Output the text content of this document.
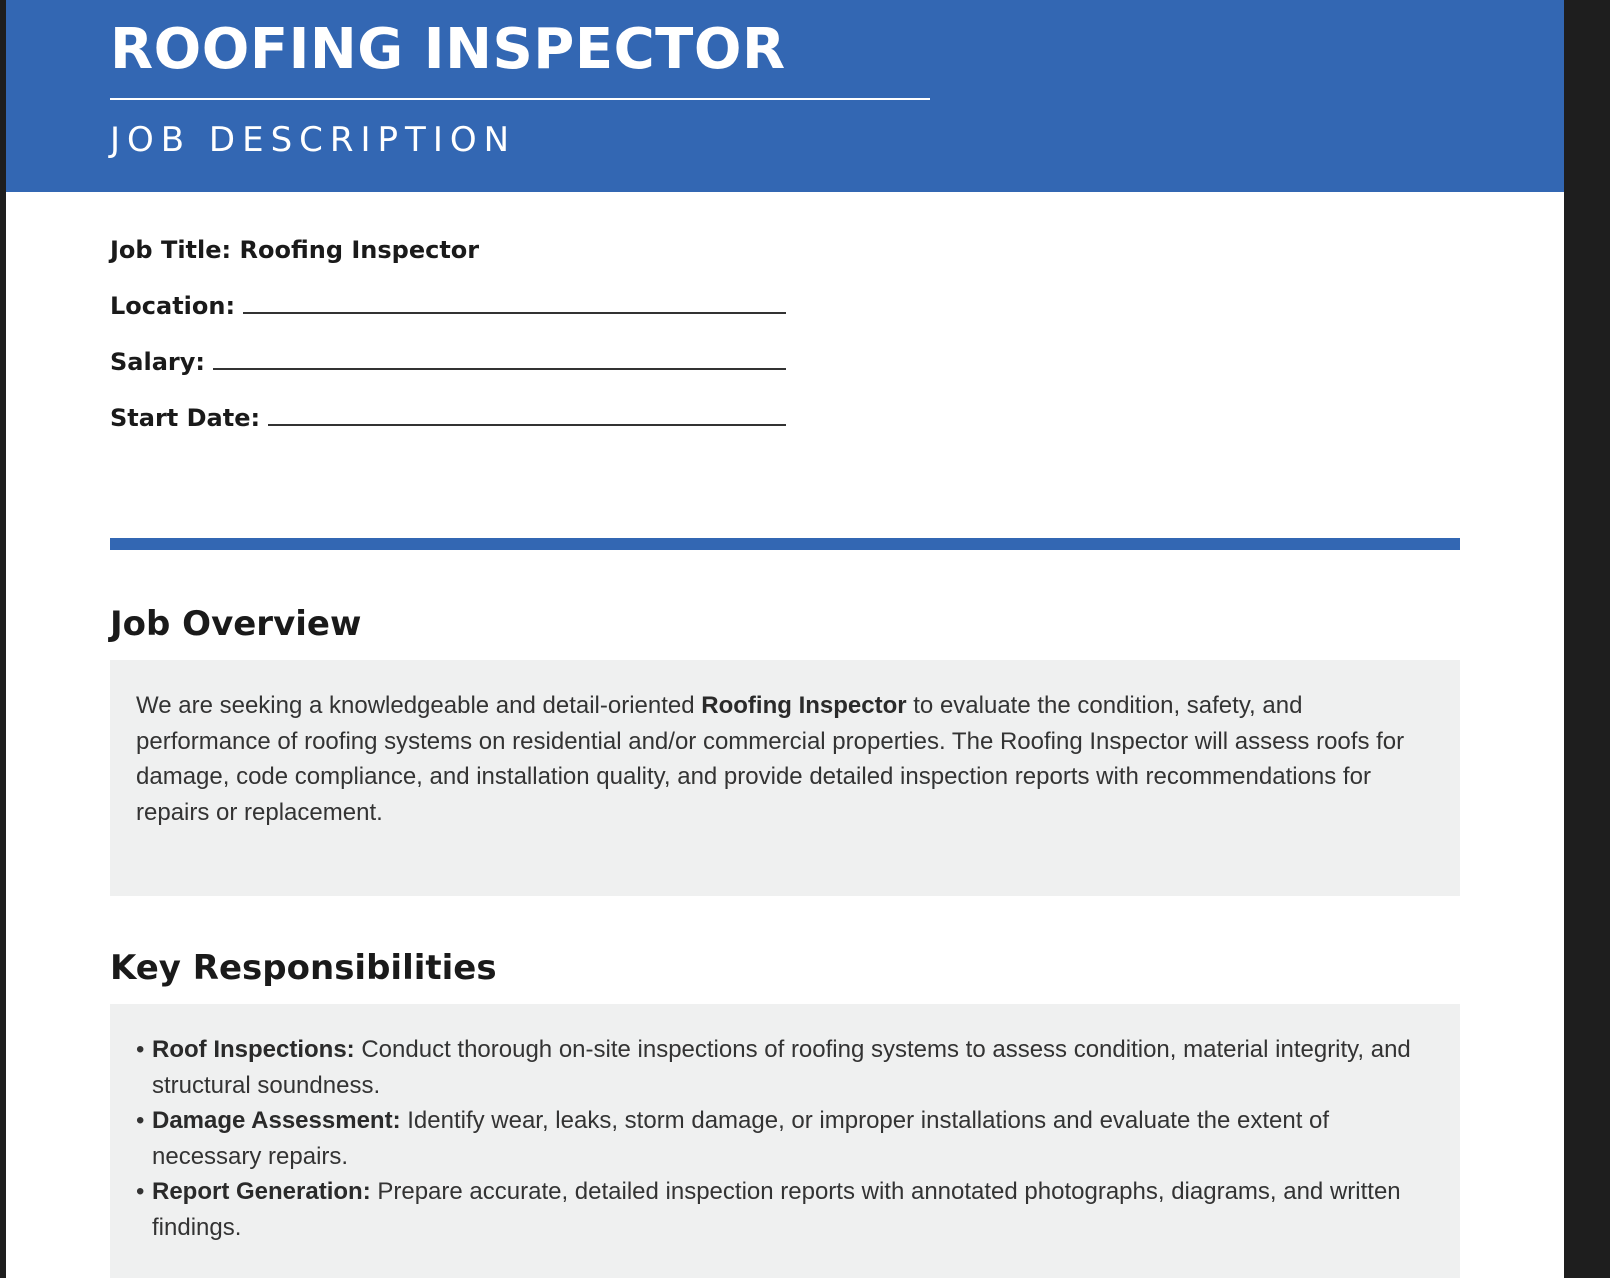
ROOFING INSPECTOR
JOB DESCRIPTION
Job Title: Roofing Inspector
Location:
Salary:
Start Date:
Job Overview

We are seeking a knowledgeable and detail-oriented Roofing Inspector to evaluate the condition, safety, and performance of roofing systems on residential and/or commercial properties. The Roofing Inspector will assess roofs for damage, code compliance, and installation quality, and provide detailed inspection reports with recommendations for repairs or replacement.

Key Responsibilities
• Roof Inspections: Conduct thorough on-site inspections of roofing systems to assess condition, material integrity, and structural soundness.
• Damage Assessment: Identify wear, leaks, storm damage, or improper installations and evaluate the extent of necessary repairs.
• Report Generation: Prepare accurate, detailed inspection reports with annotated photographs, diagrams, and written findings.
